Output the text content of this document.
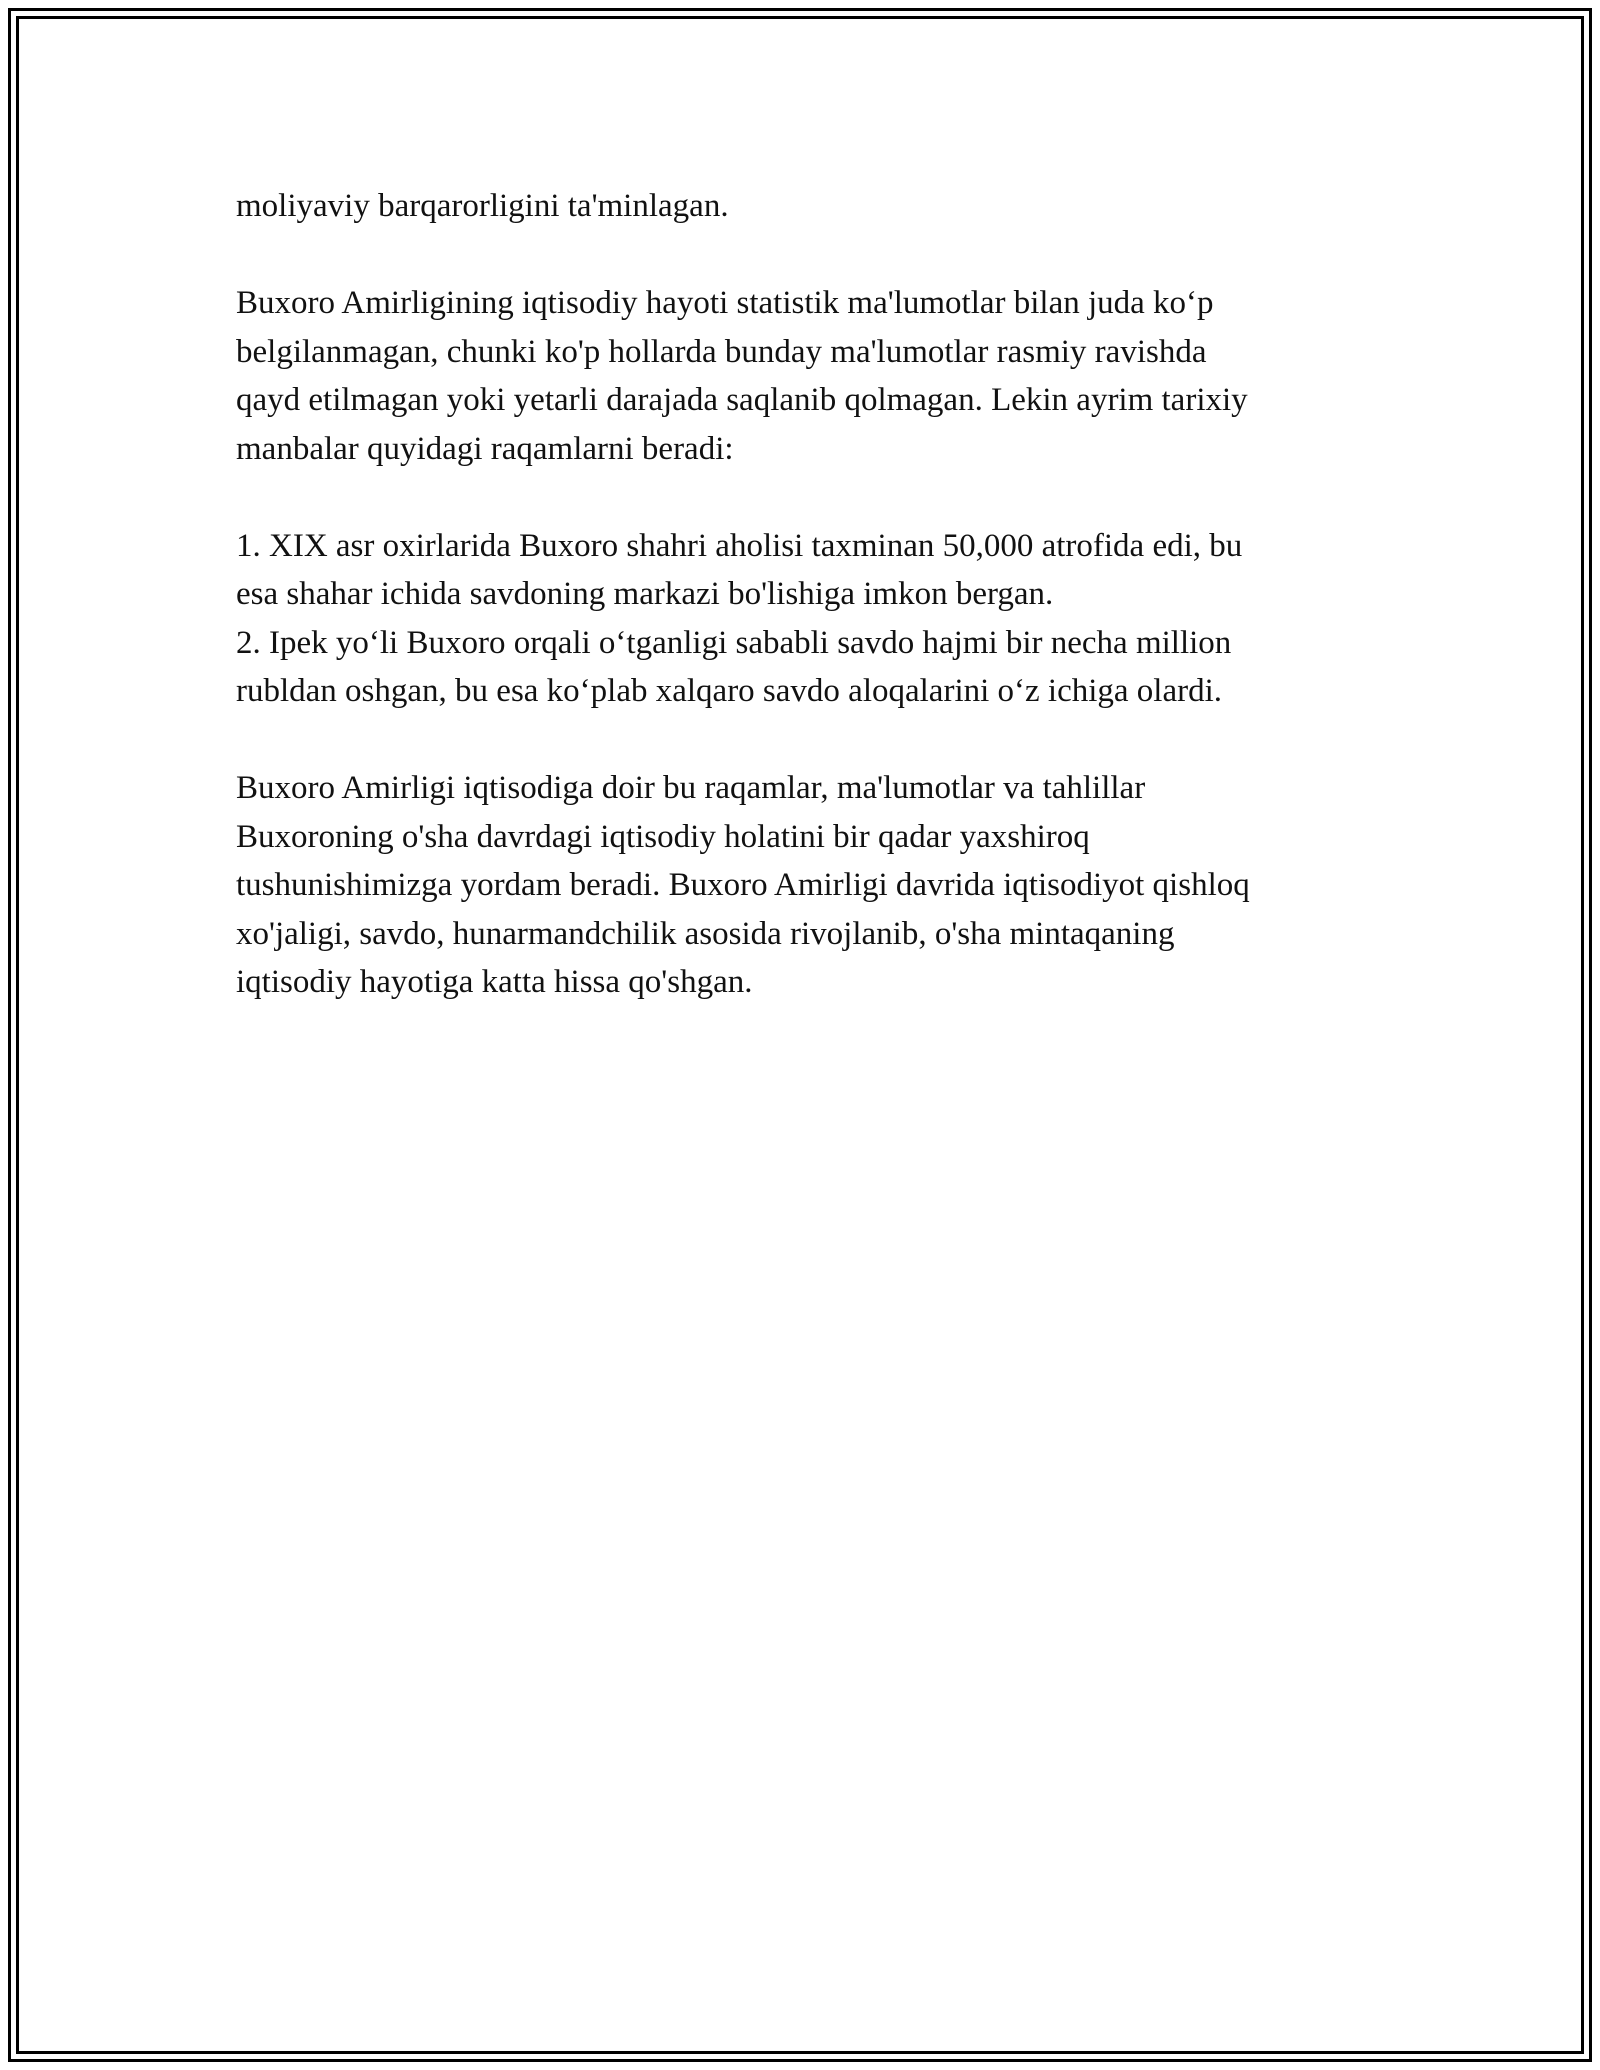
moliyaviy barqarorligini ta'minlagan.

Buxoro Amirligining iqtisodiy hayoti statistik ma'lumotlar bilan juda ko‘p
belgilanmagan, chunki ko'p hollarda bunday ma'lumotlar rasmiy ravishda
qayd etilmagan yoki yetarli darajada saqlanib qolmagan. Lekin ayrim tarixiy
manbalar quyidagi raqamlarni beradi:

1. XIX asr oxirlarida Buxoro shahri aholisi taxminan 50,000 atrofida edi, bu
esa shahar ichida savdoning markazi bo'lishiga imkon bergan.
2. Ipek yo‘li Buxoro orqali o‘tganligi sababli savdo hajmi bir necha million
rubldan oshgan, bu esa ko‘plab xalqaro savdo aloqalarini o‘z ichiga olardi.

Buxoro Amirligi iqtisodiga doir bu raqamlar, ma'lumotlar va tahlillar
Buxoroning o'sha davrdagi iqtisodiy holatini bir qadar yaxshiroq
tushunishimizga yordam beradi. Buxoro Amirligi davrida iqtisodiyot qishloq
xo'jaligi, savdo, hunarmandchilik asosida rivojlanib, o'sha mintaqaning
iqtisodiy hayotiga katta hissa qo'shgan.
